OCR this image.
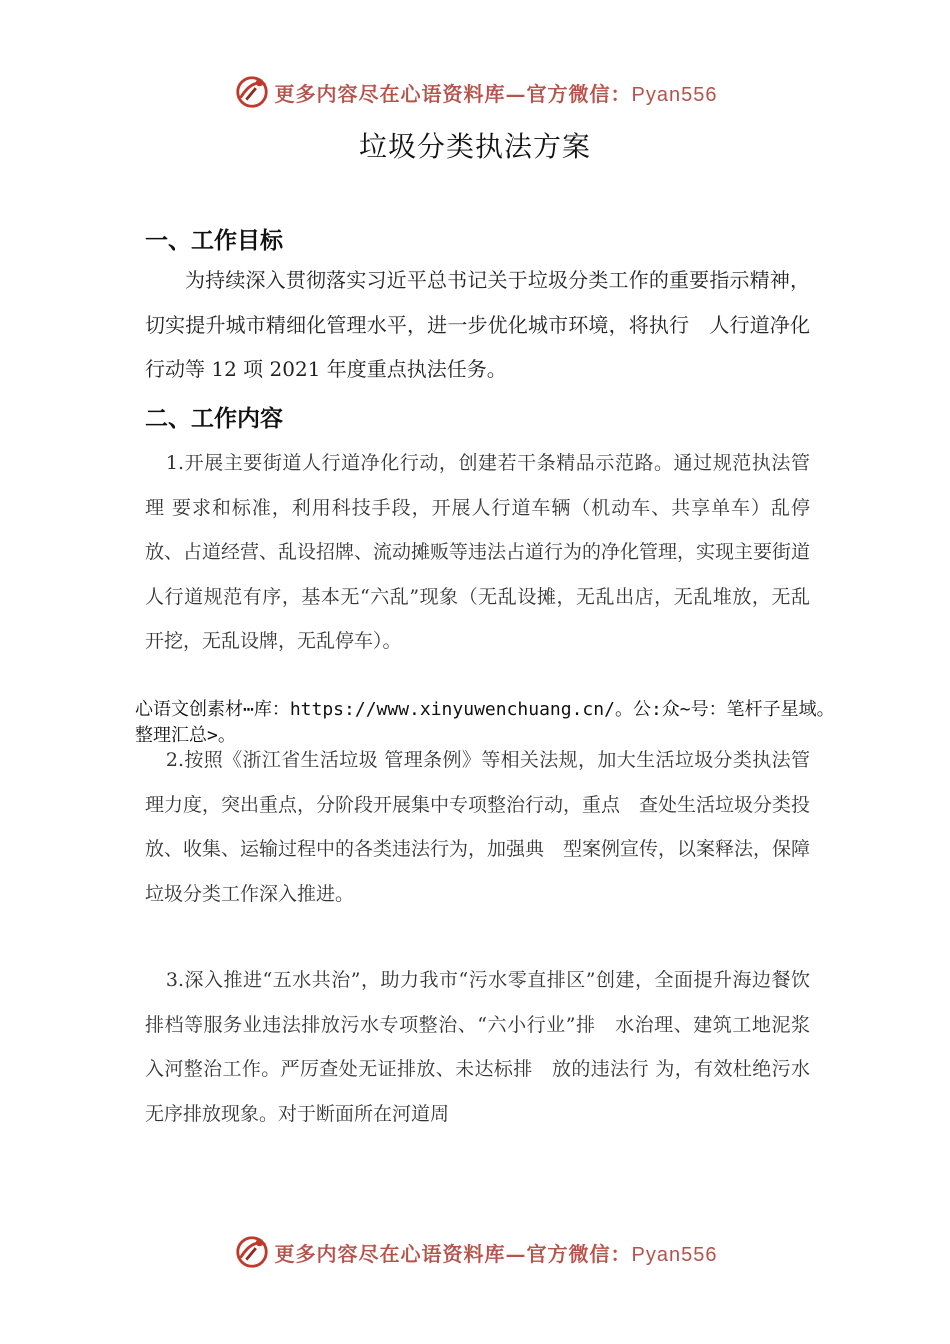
更多内容尽在心语资料库—官方微信：Pyan556
垃圾分类执法方案
一、工作目标
为持续深入贯彻落实习近平总书记关于垃圾分类工作的重要指示精神，切实提升城市精细化管理水平，进一步优化城市环境，将执行　人行道净化行动等 12 项 2021 年度重点执法任务。
二、工作内容
1.开展主要街道人行道净化行动，创建若干条精品示范路。通过规范执法管理 要求和标准，利用科技手段，开展人行道车辆（机动车、共享单车）乱停放、占道经营、乱设招牌、流动摊贩等违法占道行为的净化管理，实现主要街道人行道规范有序，基本无“六乱”现象（无乱设摊，无乱出店，无乱堆放，无乱开挖，无乱设牌，无乱停车）。
心语文创素材⋯库：https://www.xinyuwenchuang.cn/。公:众~号：笔杆子星域。整理汇总>。
2.按照《浙江省生活垃圾 管理条例》等相关法规，加大生活垃圾分类执法管理力度，突出重点，分阶段开展集中专项整治行动，重点　查处生活垃圾分类投放、收集、运输过程中的各类违法行为，加强典　型案例宣传，以案释法，保障垃圾分类工作深入推进。
3.深入推进“五水共治”，助力我市“污水零直排区”创建，全面提升海边餐饮排档等服务业违法排放污水专项整治、“六小行业”排　水治理、建筑工地泥浆入河整治工作。严厉查处无证排放、未达标排　放的违法行 为，有效杜绝污水无序排放现象。对于断面所在河道周
更多内容尽在心语资料库—官方微信：Pyan556
